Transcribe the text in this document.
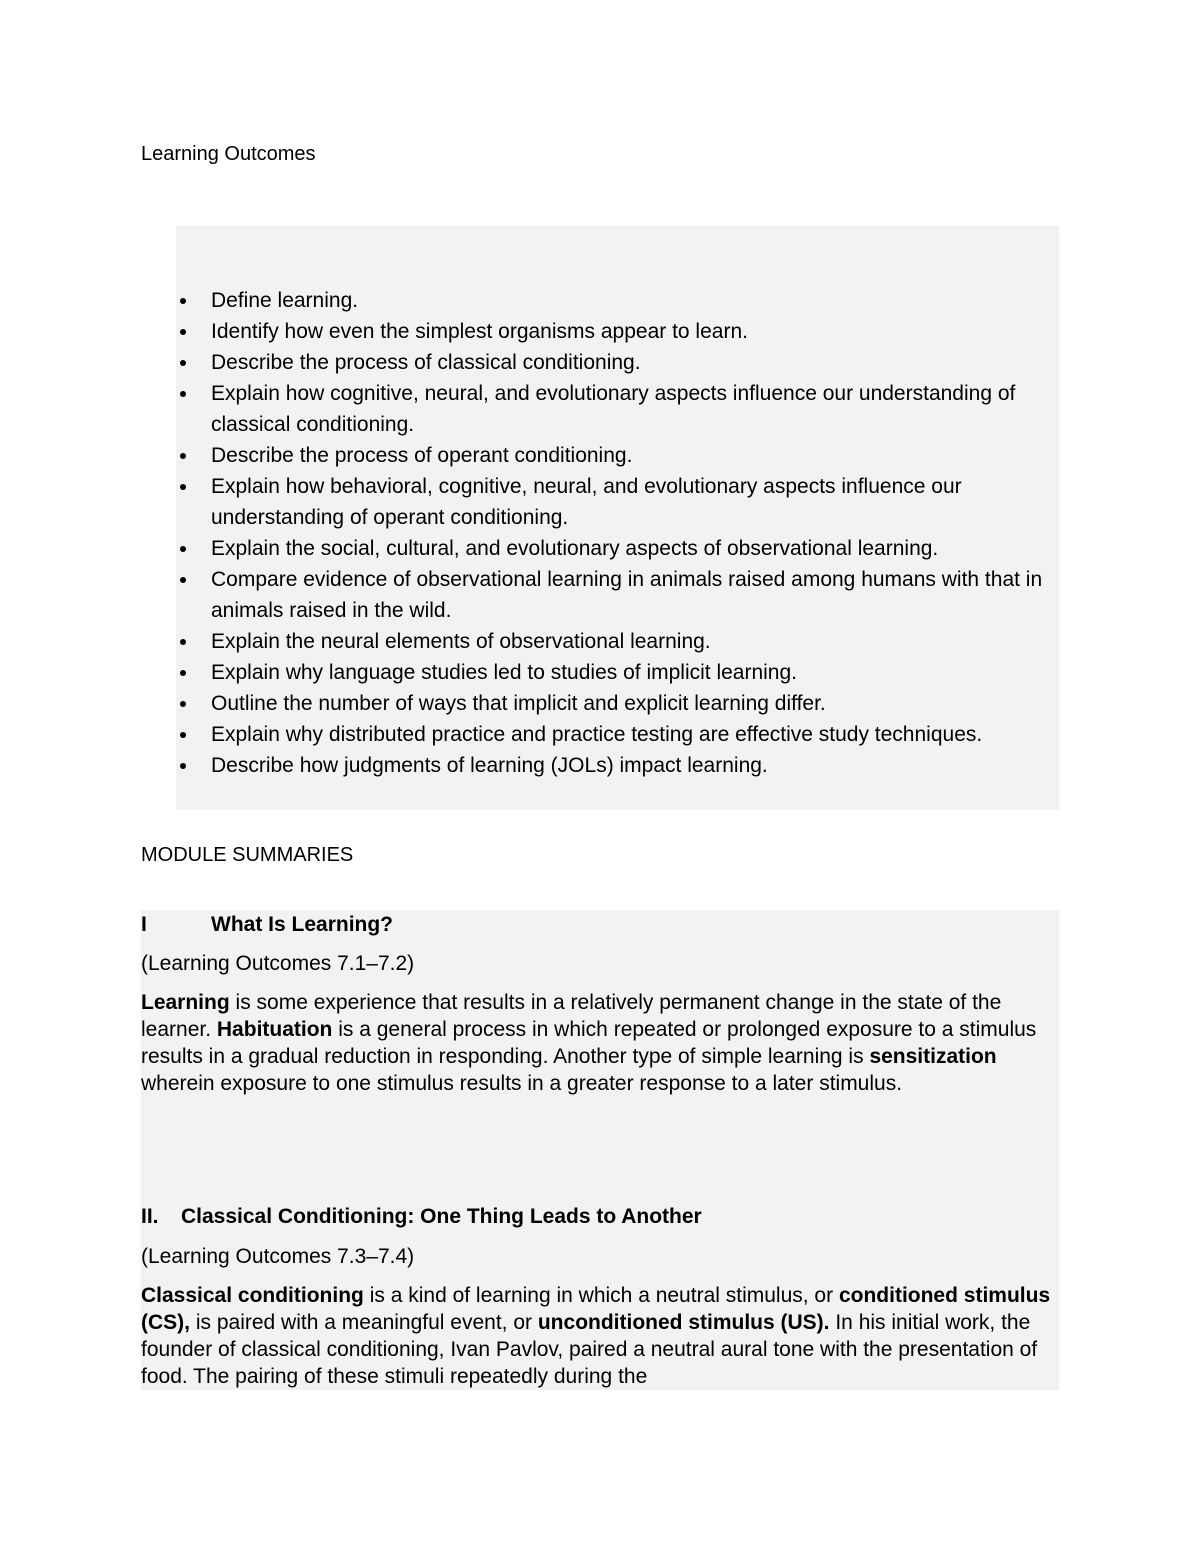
Learning Outcomes
Define learning.
Identify how even the simplest organisms appear to learn.
Describe the process of classical conditioning.
Explain how cognitive, neural, and evolutionary aspects influence our understanding of classical conditioning.
Describe the process of operant conditioning.
Explain how behavioral, cognitive, neural, and evolutionary aspects influence our understanding of operant conditioning.
Explain the social, cultural, and evolutionary aspects of observational learning.
Compare evidence of observational learning in animals raised among humans with that in animals raised in the wild.
Explain the neural elements of observational learning.
Explain why language studies led to studies of implicit learning.
Outline the number of ways that implicit and explicit learning differ.
Explain why distributed practice and practice testing are effective study techniques.
Describe how judgments of learning (JOLs) impact learning.
MODULE SUMMARIES
I	What Is Learning?

(Learning Outcomes 7.1–7.2)

Learning is some experience that results in a relatively permanent change in the state of the learner. Habituation is a general process in which repeated or prolonged exposure to a stimulus results in a gradual reduction in responding. Another type of simple learning is sensitization wherein exposure to one stimulus results in a greater response to a later stimulus.

II. Classical Conditioning: One Thing Leads to Another

(Learning Outcomes 7.3–7.4)

Classical conditioning is a kind of learning in which a neutral stimulus, or conditioned stimulus (CS), is paired with a meaningful event, or unconditioned stimulus (US). In his initial work, the founder of classical conditioning, Ivan Pavlov, paired a neutral aural tone with the presentation of food. The pairing of these stimuli repeatedly during the
